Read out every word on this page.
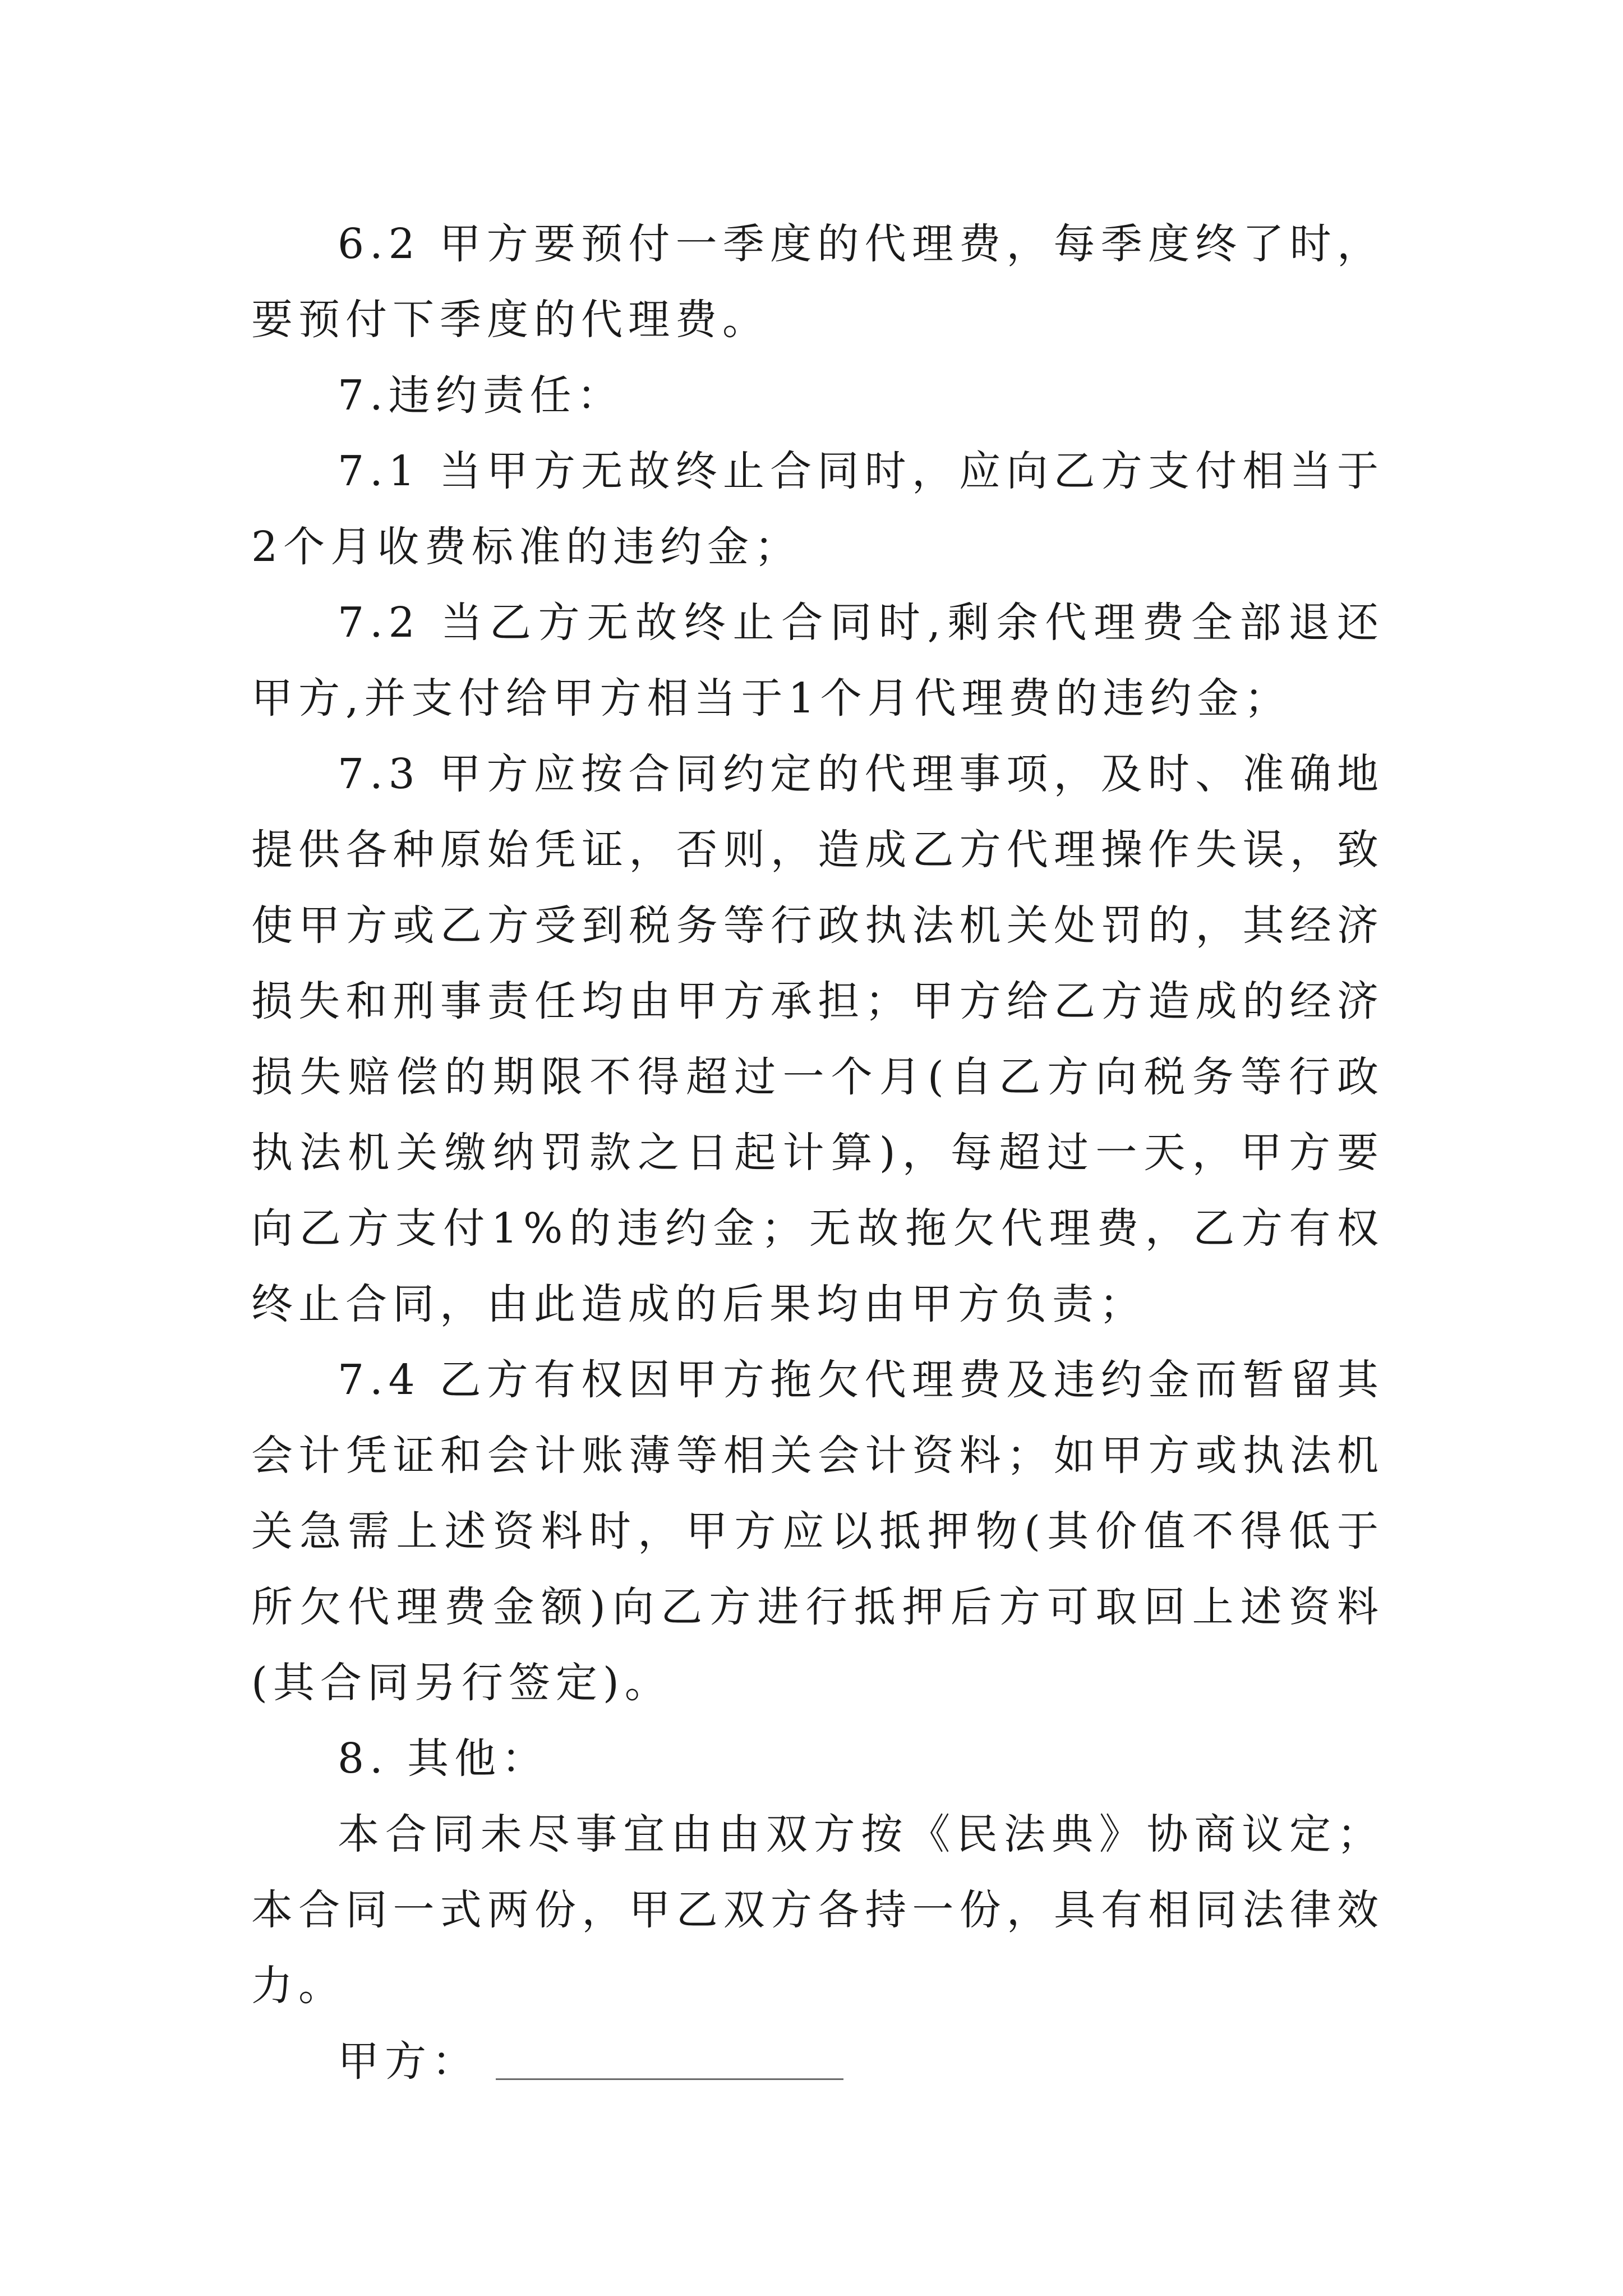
6.2 甲方要预付一季度的代理费，每季度终了时，要预付下季度的代理费。

7.违约责任：

7.1 当甲方无故终止合同时，应向乙方支付相当于2个月收费标准的违约金；

7.2 当乙方无故终止合同时,剩余代理费全部退还甲方,并支付给甲方相当于1个月代理费的违约金；

7.3 甲方应按合同约定的代理事项，及时、准确地提供各种原始凭证，否则，造成乙方代理操作失误，致使甲方或乙方受到税务等行政执法机关处罚的，其经济损失和刑事责任均由甲方承担；甲方给乙方造成的经济损失赔偿的期限不得超过一个月(自乙方向税务等行政执法机关缴纳罚款之日起计算)，每超过一天，甲方要向乙方支付1%的违约金；无故拖欠代理费，乙方有权终止合同，由此造成的后果均由甲方负责；

7.4 乙方有权因甲方拖欠代理费及违约金而暂留其会计凭证和会计账薄等相关会计资料；如甲方或执法机关急需上述资料时，甲方应以抵押物(其价值不得低于所欠代理费金额)向乙方进行抵押后方可取回上述资料(其合同另行签定)。

8. 其他：

本合同未尽事宜由由双方按《民法典》协商议定；本合同一式两份，甲乙双方各持一份，具有相同法律效力。

甲方：
